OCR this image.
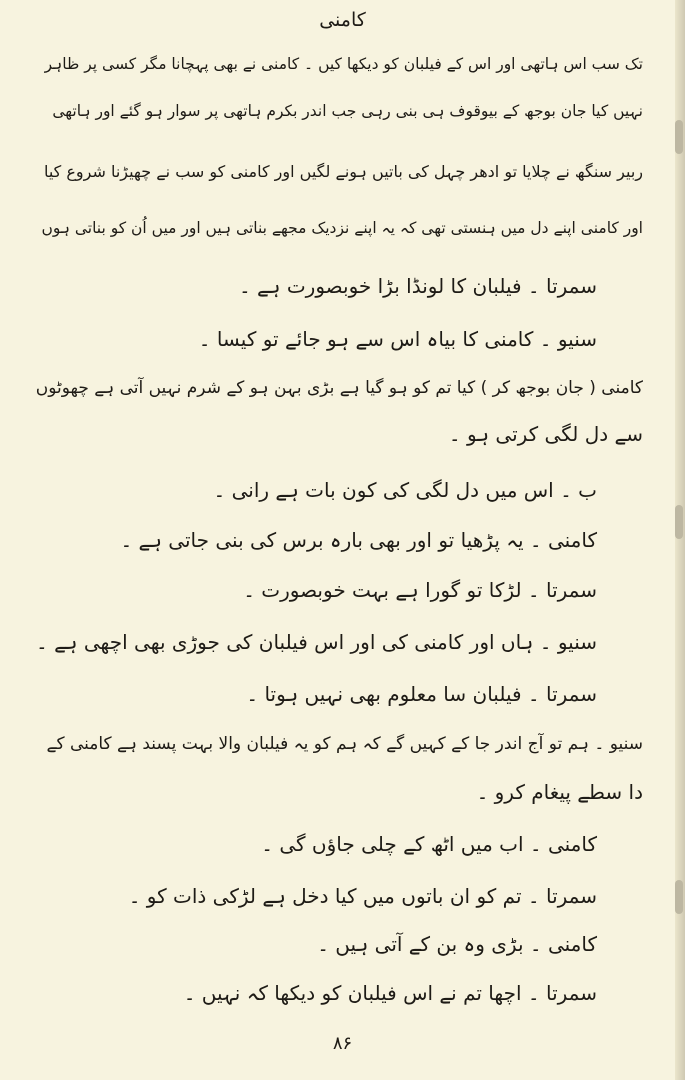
کامنی
تک سب اس ہاتھی اور اس کے فیلبان کو دیکھا کیں ۔ کامنی نے بھی پہچانا مگر کسی پر ظاہر
نہیں کیا جان بوجھ کے بیوقوف ہی بنی رہی جب اندر بکرم ہاتھی پر سوار ہو گئے اور ہاتھی
ربیر سنگھ نے چلایا تو ادھر چہل کی باتیں ہونے لگیں اور کامنی کو سب نے چھیڑنا شروع کیا
اور کامنی اپنے دل میں ہنستی تھی کہ یہ اپنے نزدیک مجھے بناتی ہیں اور میں اُن کو بناتی ہوں
سمرتا ۔ فیلبان کا لونڈا بڑا خوبصورت ہے ۔
سنیو ۔ کامنی کا بیاہ اس سے ہو جائے تو کیسا ۔
کامنی ( جان بوجھ کر ) کیا تم کو ہو گیا ہے بڑی بہن ہو کے شرم نہیں آتی ہے چھوٹوں
سے دل لگی کرتی ہو ۔
ب ۔ اس میں دل لگی کی کون بات ہے رانی ۔
کامنی ۔ یہ پڑھیا تو اور بھی بارہ برس کی بنی جاتی ہے ۔
سمرتا ۔ لڑکا تو گورا ہے بہت خوبصورت ۔
سنیو ۔ ہاں اور کامنی کی اور اس فیلبان کی جوڑی بھی اچھی ہے ۔
سمرتا ۔ فیلبان سا معلوم بھی نہیں ہوتا ۔
سنیو ۔ ہم تو آج اندر جا کے کہیں گے کہ ہم کو یہ فیلبان والا بہت پسند ہے کامنی کے
دا سطے پیغام کرو ۔
کامنی ۔ اب میں اٹھ کے چلی جاؤں گی ۔
سمرتا ۔ تم کو ان باتوں میں کیا دخل ہے لڑکی ذات کو ۔
کامنی ۔ بڑی وہ بن کے آتی ہیں ۔
سمرتا ۔ اچھا تم نے اس فیلبان کو دیکھا کہ نہیں ۔
۸۶
